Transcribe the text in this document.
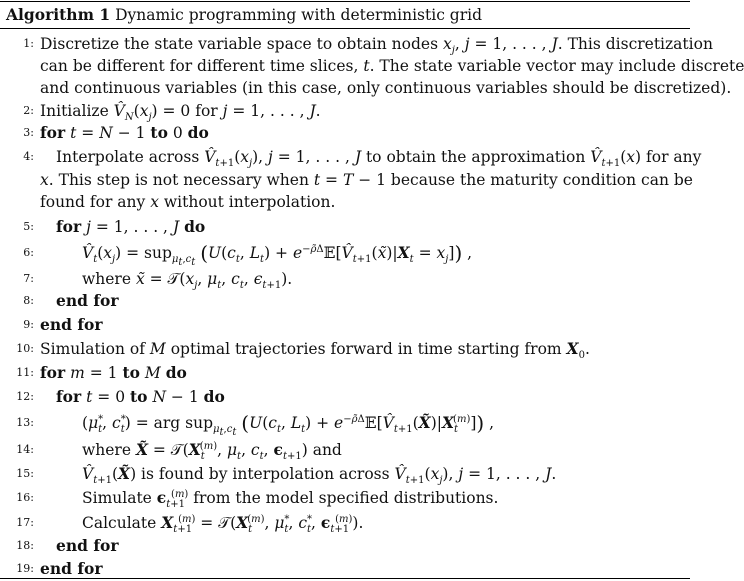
Algorithm 1 Dynamic programming with deterministic grid
1: Discretize the state variable space to obtain nodes $x_j$, j = 1, . . . , J. This discretization
can be different for different time slices, t. The state variable vector may include discrete
and continuous variables (in this case, only continuous variables should be discretized).
2: Initialize $V̂_N(x_j) = 0$ for j = 1, . . . , J.
3: for t = N − 1 to 0 do
4: Interpolate across $V̂_{t+1}(x_j)$, j = 1, . . . , J to obtain the approximation $V̂_{t+1}(x)$ for any
x. This step is not necessary when t = T − 1 because the maturity condition can be
found for any x without interpolation.
5: for j = 1, . . . , J do
6:	$V̂_t(x_j) = sup_{\mu_t,c_t}$ ($U(c_t$, $L_t$) + $e^{-\rhõ\Delta}𝔼[V̂_{t+1}(x̃)|X_t = x_j]$) ,
7:	where x̃ = $𝒯(x_j$, $\mu_t$, $c_t$, $\epsilon_{t+1}$).
8: end for
9: end for
10: Simulation of M optimal trajectories forward in time starting from $X_0$.
11: for m = 1 to M do
12: for t = 0 to N − 1 do
13:	($\mu^*_t$, $c^*_t$) = arg sup$_{\mu_t,c_t}$ ($U(c_t$, $L_t$) + $e^{-\rhõ\Delta}𝔼[V̂_{t+1}(X̃)|X_t^{(m)}]$) ,
14:	where X̃ = $𝒯(X_t^{(m)}$, $\mu_t$, $c_t$, $\epsilon_{t+1}$) and
15:	$V̂_{t+1}(X̃)$ is found by interpolation across $V̂_{t+1}(x_j)$, j = 1, . . . , J.
16:	Simulate $\epsilon_{t+1}^{(m)}$ from the model specified distributions.
17:	Calculate $X_{t+1}^{(m)}$ = $𝒯(X_t^{(m)}$, $\mu^*_t$, $c^*_t$, $\epsilon_{t+1}^{(m)}$).
18: end for
19: end for
